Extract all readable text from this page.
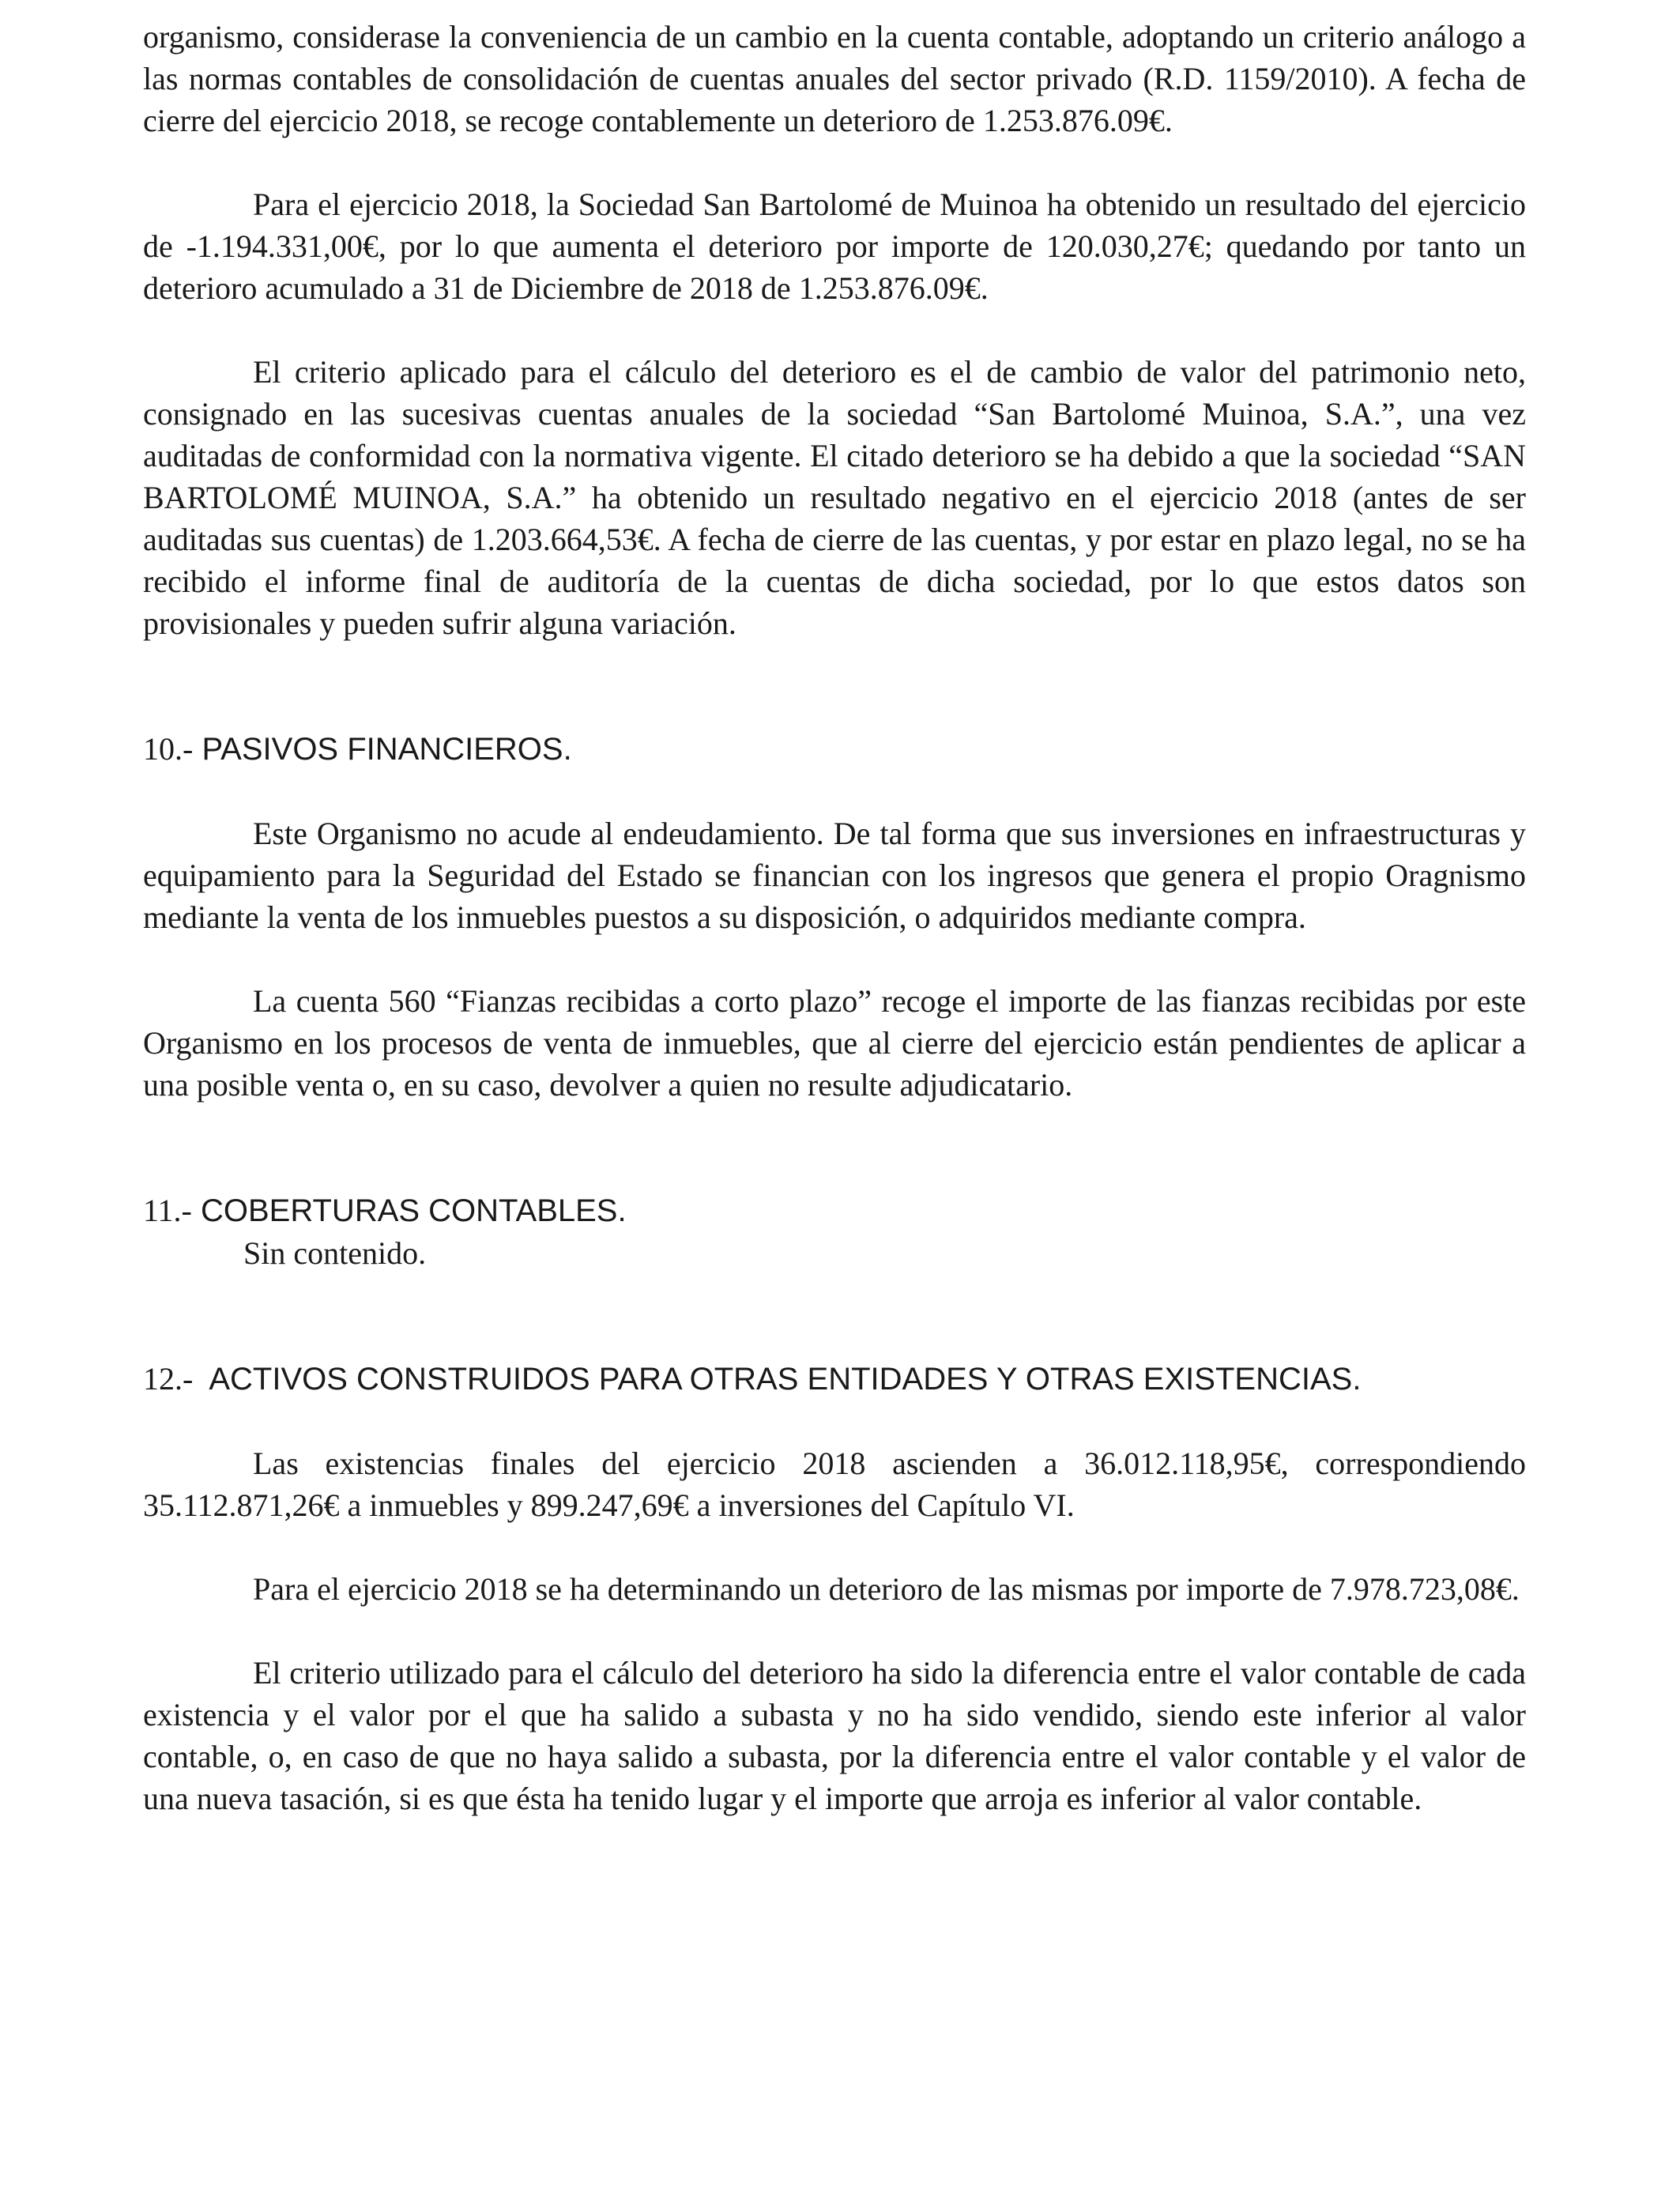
organismo, considerase la conveniencia de un cambio en la cuenta contable, adoptando un criterio análogo a las normas contables de consolidación de cuentas anuales del sector privado (R.D. 1159/2010). A fecha de cierre del ejercicio 2018, se recoge contablemente un deterioro de 1.253.876.09€.

Para el ejercicio 2018, la Sociedad San Bartolomé de Muinoa ha obtenido un resultado del ejercicio de -1.194.331,00€, por lo que aumenta el deterioro por importe de 120.030,27€; quedando por tanto un deterioro acumulado a 31 de Diciembre de 2018 de 1.253.876.09€.

El criterio aplicado para el cálculo del deterioro es el de cambio de valor del patrimonio neto, consignado en las sucesivas cuentas anuales de la sociedad “San Bartolomé Muinoa, S.A.”, una vez auditadas de conformidad con la normativa vigente. El citado deterioro se ha debido a que la sociedad “SAN BARTOLOMÉ MUINOA, S.A.” ha obtenido un resultado negativo en el ejercicio 2018 (antes de ser auditadas sus cuentas) de 1.203.664,53€. A fecha de cierre de las cuentas, y por estar en plazo legal, no se ha recibido el informe final de auditoría de la cuentas de dicha sociedad, por lo que estos datos son provisionales y pueden sufrir alguna variación.

10.- PASIVOS FINANCIEROS.

Este Organismo no acude al endeudamiento. De tal forma que sus inversiones en infraestructuras y equipamiento para la Seguridad del Estado se financian con los ingresos que genera el propio Oragnismo mediante la venta de los inmuebles puestos a su disposición, o adquiridos mediante compra.

La cuenta 560 “Fianzas recibidas a corto plazo” recoge el importe de las fianzas recibidas por este Organismo en los procesos de venta de inmuebles, que al cierre del ejercicio están pendientes de aplicar a una posible venta o, en su caso, devolver a quien no resulte adjudicatario.

11.- COBERTURAS CONTABLES.

Sin contenido.

12.- ACTIVOS CONSTRUIDOS PARA OTRAS ENTIDADES Y OTRAS EXISTENCIAS.

Las existencias finales del ejercicio 2018 ascienden a 36.012.118,95€, correspondiendo 35.112.871,26€ a inmuebles y 899.247,69€ a inversiones del Capítulo VI.

Para el ejercicio 2018 se ha determinando un deterioro de las mismas por importe de 7.978.723,08€.

El criterio utilizado para el cálculo del deterioro ha sido la diferencia entre el valor contable de cada existencia y el valor por el que ha salido a subasta y no ha sido vendido, siendo este inferior al valor contable, o, en caso de que no haya salido a subasta, por la diferencia entre el valor contable y el valor de una nueva tasación, si es que ésta ha tenido lugar y el importe que arroja es inferior al valor contable.
